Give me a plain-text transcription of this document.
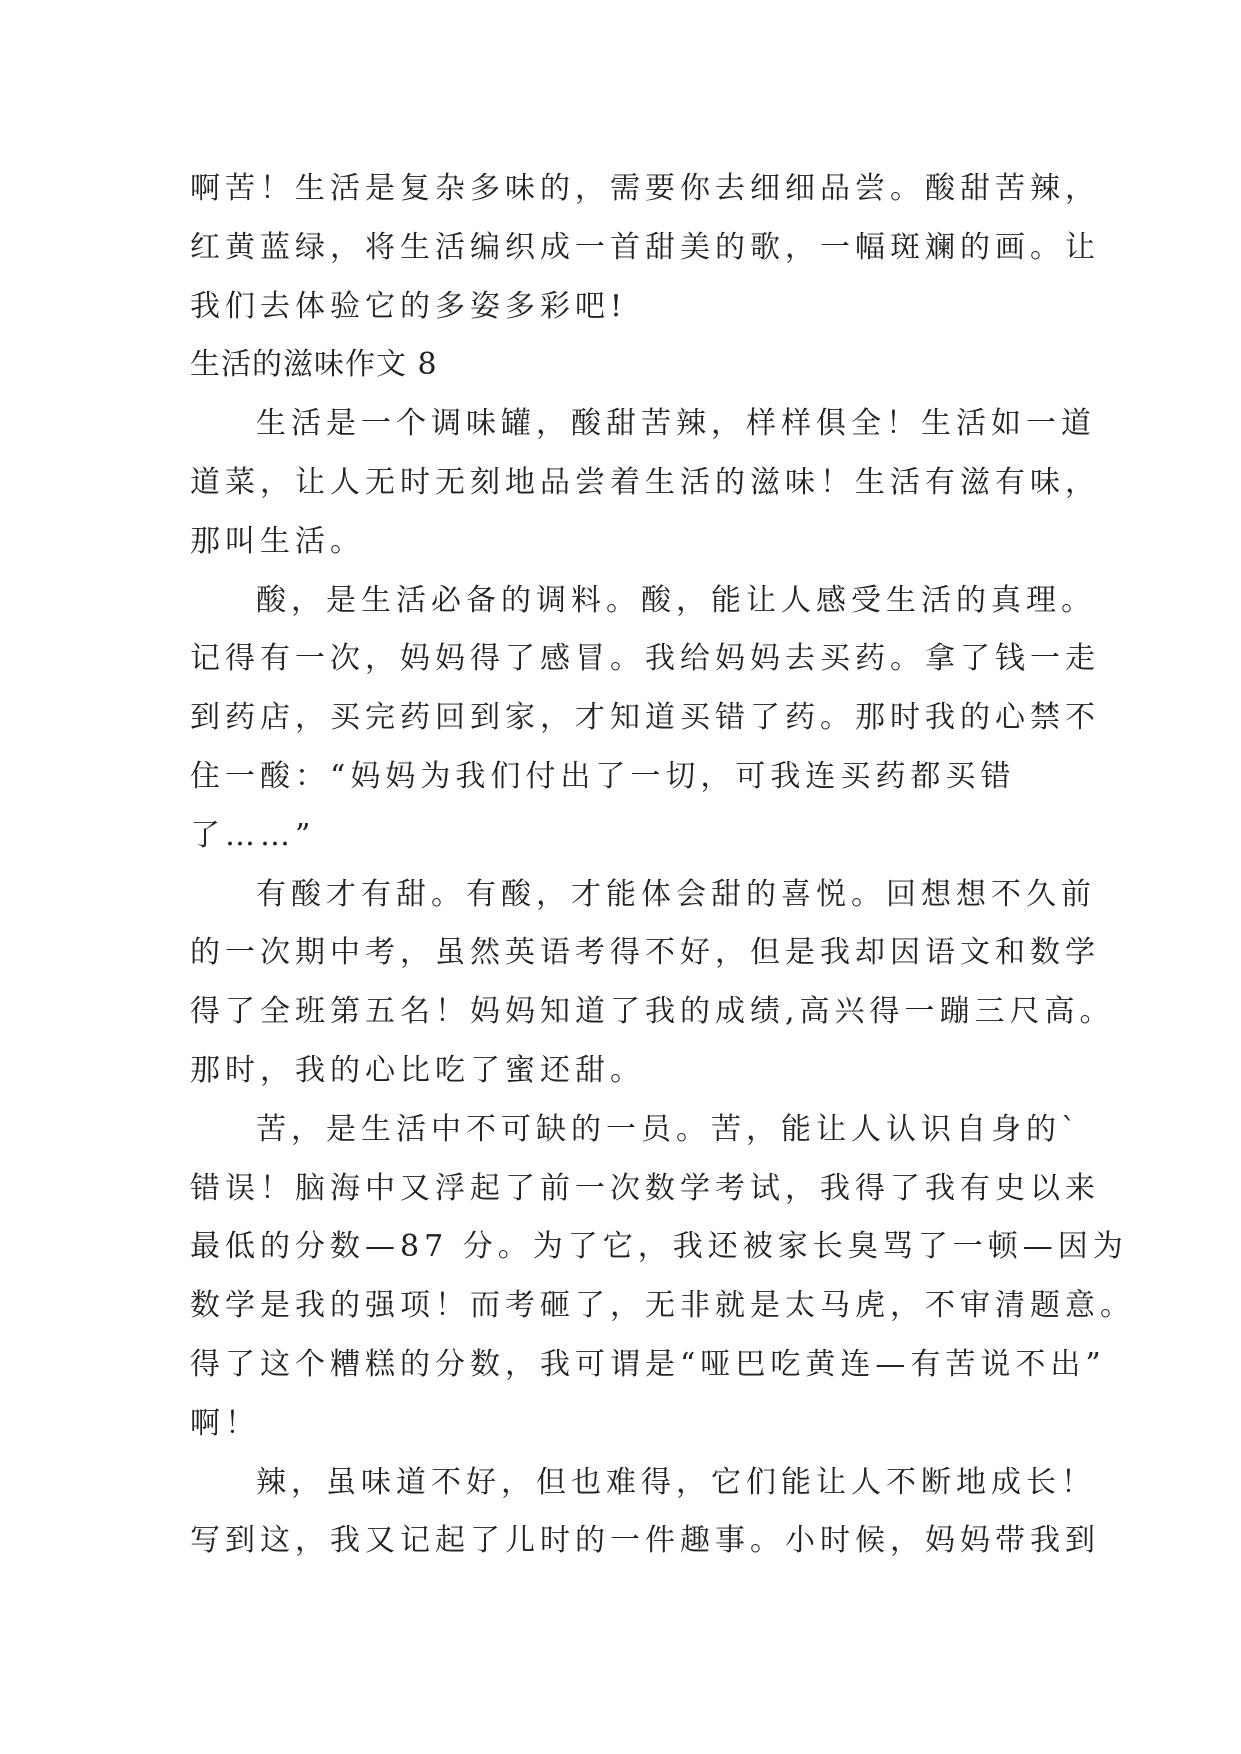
啊苦！生活是复杂多味的，需要你去细细品尝。酸甜苦辣，
红黄蓝绿，将生活编织成一首甜美的歌，一幅斑斓的画。让
我们去体验它的多姿多彩吧!
生活的滋味作文 8
生活是一个调味罐，酸甜苦辣，样样俱全！生活如一道
道菜，让人无时无刻地品尝着生活的滋味！生活有滋有味，
那叫生活。
酸，是生活必备的调料。酸，能让人感受生活的真理。
记得有一次，妈妈得了感冒。我给妈妈去买药。拿了钱一走
到药店，买完药回到家，才知道买错了药。那时我的心禁不
住一酸：“妈妈为我们付出了一切，可我连买药都买错
了……”
有酸才有甜。有酸，才能体会甜的喜悦。回想想不久前
的一次期中考，虽然英语考得不好，但是我却因语文和数学
得了全班第五名！妈妈知道了我的成绩,高兴得一蹦三尺高。
那时，我的心比吃了蜜还甜。
苦，是生活中不可缺的一员。苦，能让人认识自身的`
错误！脑海中又浮起了前一次数学考试，我得了我有史以来
最低的分数—87 分。为了它，我还被家长臭骂了一顿—因为
数学是我的强项！而考砸了，无非就是太马虎，不审清题意。
得了这个糟糕的分数，我可谓是“哑巴吃黄连—有苦说不出”
啊！
辣，虽味道不好，但也难得，它们能让人不断地成长！
写到这，我又记起了儿时的一件趣事。小时候，妈妈带我到
